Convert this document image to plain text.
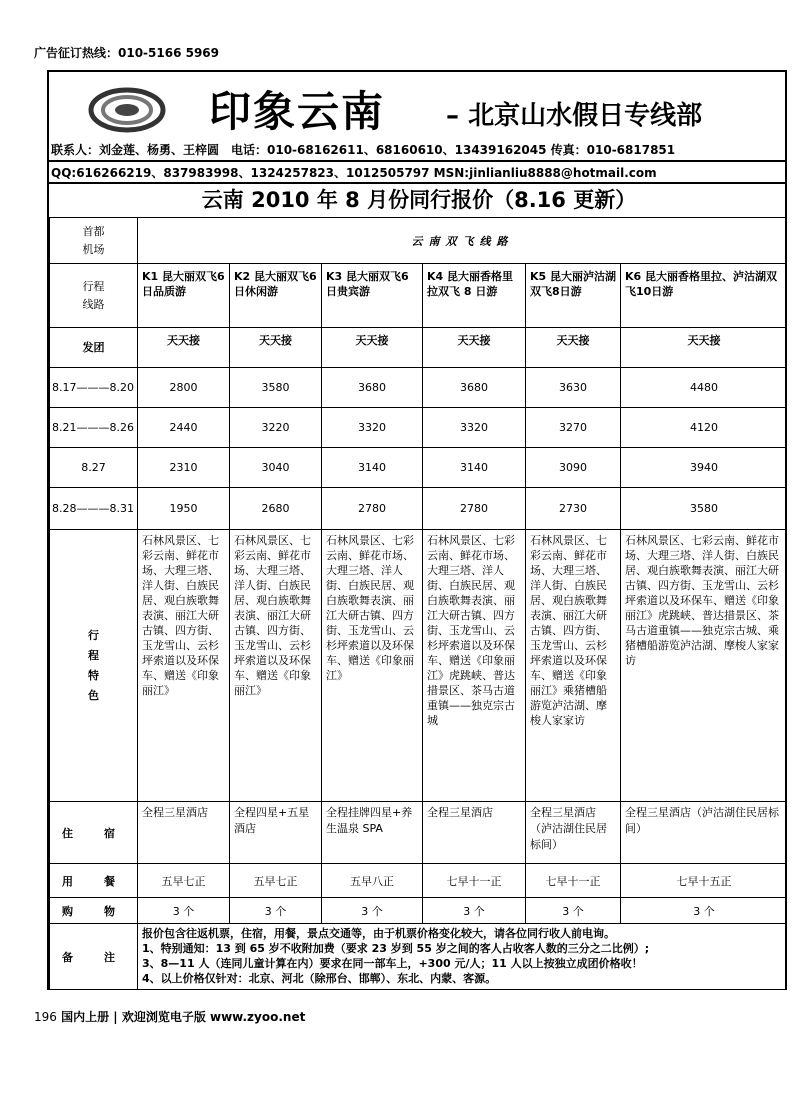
广告征订热线：010-5166 5969
印象云南 – 北京山水假日专线部
联系人：刘金莲、杨勇、王梓圆　电话：010-68162611、68160610、13439162045 传真：010-6817851
QQ:616266219、837983998、1324257823、1012505797 MSN:jinlianliu8888@hotmail.com
云南 2010 年 8 月份同行报价（8.16 更新）
首都
机场	云南双飞线路					
行程
线路	K1 昆大丽双飞6日品质游	K2 昆大丽双飞6日休闲游	K3 昆大丽双飞6日贵宾游	K4 昆大丽香格里拉双飞 8 日游	K5 昆大丽泸沽湖双飞8日游	K6 昆大丽香格里拉、泸沽湖双飞10日游
发团	天天接	天天接	天天接	天天接	天天接	天天接
8.17———8.20	2800	3580	3680	3680	3630	4480
8.21———8.26	2440	3220	3320	3320	3270	4120
8.27	2310	3040	3140	3140	3090	3940
8.28———8.31	1950	2680	2780	2780	2730	3580
行
程
特
色	石林风景区、七彩云南、鲜花市场、大理三塔、洋人街、白族民居、观白族歌舞表演、丽江大研古镇、四方街、玉龙雪山、云杉坪索道以及环保车、赠送《印象丽江》	石林风景区、七彩云南、鲜花市场、大理三塔、洋人街、白族民居、观白族歌舞表演、丽江大研古镇、四方街、玉龙雪山、云杉坪索道以及环保车、赠送《印象丽江》	石林风景区、七彩云南、鲜花市场、大理三塔、洋人街、白族民居、观白族歌舞表演、丽江大研古镇、四方街、玉龙雪山、云杉坪索道以及环保车、赠送《印象丽江》	石林风景区、七彩云南、鲜花市场、大理三塔、洋人街、白族民居、观白族歌舞表演、丽江大研古镇、四方街、玉龙雪山、云杉坪索道以及环保车、赠送《印象丽江》虎跳峡、普达措景区、茶马古道重镇——独克宗古城	石林风景区、七彩云南、鲜花市场、大理三塔、洋人街、白族民居、观白族歌舞表演、丽江大研古镇、四方街、玉龙雪山、云杉坪索道以及环保车、赠送《印象丽江》乘猪槽船游览泸沽湖、摩梭人家家访	石林风景区、七彩云南、鲜花市场、大理三塔、洋人街、白族民居、观白族歌舞表演、丽江大研古镇、四方街、玉龙雪山、云杉坪索道以及环保车、赠送《印象丽江》虎跳峡、普达措景区、茶马古道重镇——独克宗古城、乘猪槽船游览泸沽湖、摩梭人家家访
住　宿	全程三星酒店	全程四星+五星酒店	全程挂牌四星+养生温泉 SPA	全程三星酒店	全程三星酒店（泸沽湖住民居标间）	全程三星酒店（泸沽湖住民居标间）
用　餐	五早七正	五早七正	五早八正	七早十一正	七早十一正	七早十五正
购　物	3 个	3 个	3 个	3 个	3 个	3 个
备　注	报价包含往返机票，住宿，用餐，景点交通等，由于机票价格变化较大，请各位同行收人前电询。
1、特别通知：13 到 65 岁不收附加费（要求 23 岁到 55 岁之间的客人占收客人数的三分之二比例）;
3、8—11 人（连同儿童计算在内）要求在同一部车上，+300 元/人；11 人以上按独立成团价格收！
4、以上价格仅针对：北京、河北（除邢台、邯郸）、东北、内蒙、客源。					
196 国内上册 | 欢迎浏览电子版 www.zyoo.net
